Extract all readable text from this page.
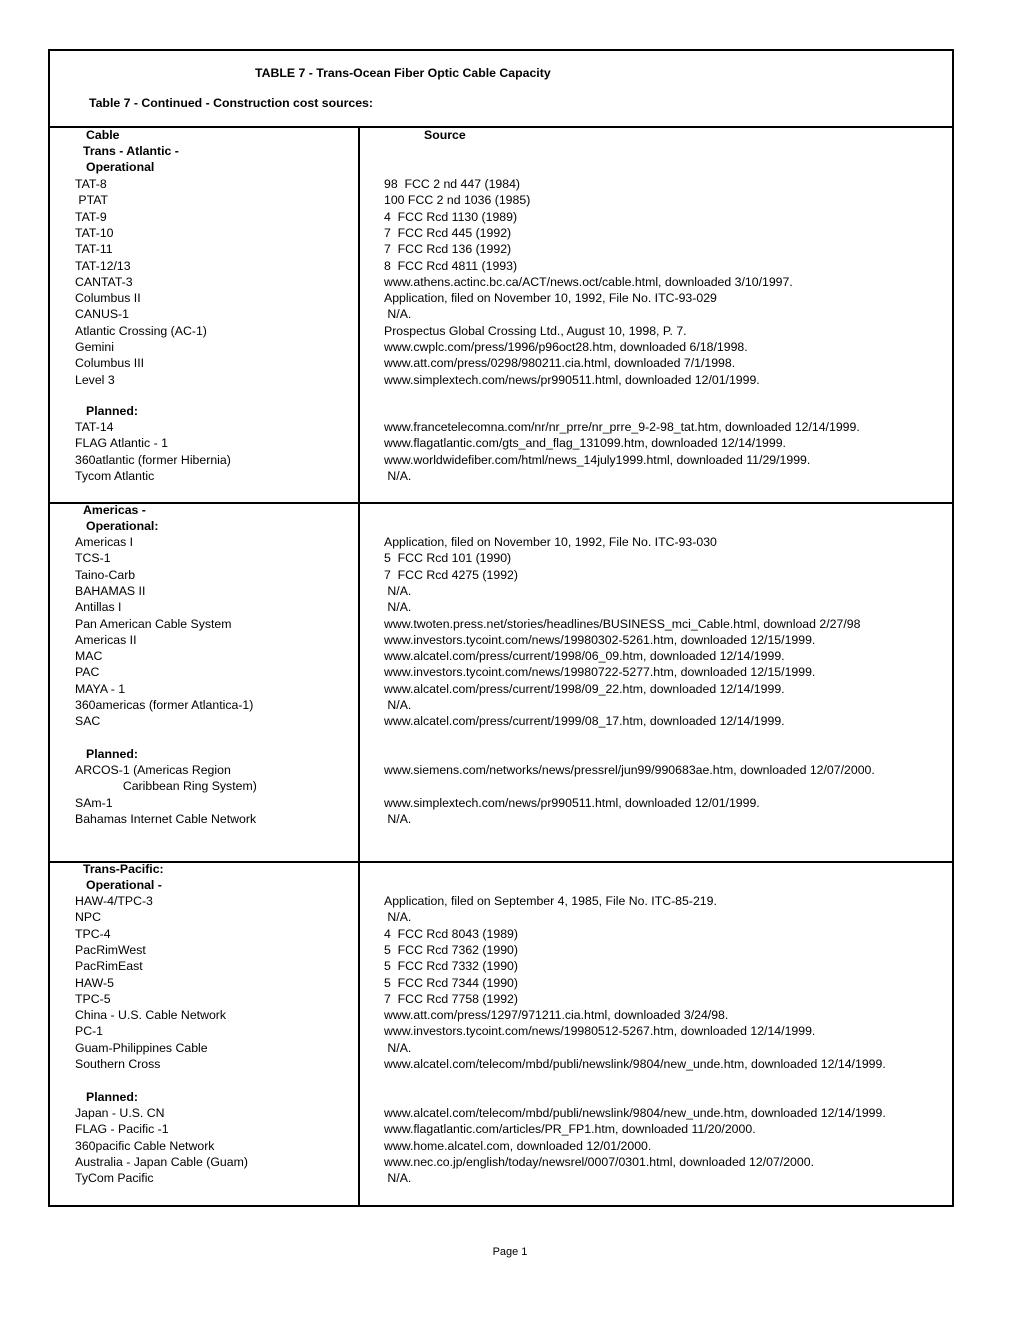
TABLE 7 - Trans-Ocean Fiber Optic Cable Capacity
Table 7 - Continued - Construction cost sources:
Cable	Source
Trans - Atlantic -
Operational
TAT-8	98  FCC 2 nd 447 (1984)
PTAT	100 FCC 2 nd 1036 (1985)
TAT-9	4  FCC Rcd 1130 (1989)
TAT-10	7  FCC Rcd 445 (1992)
TAT-11	7  FCC Rcd 136 (1992)
TAT-12/13	8  FCC Rcd 4811 (1993)
CANTAT-3	www.athens.actinc.bc.ca/ACT/news.oct/cable.html, downloaded 3/10/1997.
Columbus II	Application, filed on November 10, 1992, File No. ITC-93-029
CANUS-1	N/A.
Atlantic Crossing (AC-1)	Prospectus Global Crossing Ltd., August 10, 1998, P. 7.
Gemini	www.cwplc.com/press/1996/p96oct28.htm, downloaded 6/18/1998.
Columbus III	www.att.com/press/0298/980211.cia.html, downloaded 7/1/1998.
Level 3	www.simplextech.com/news/pr990511.html, downloaded 12/01/1999.
Planned:
TAT-14	www.francetelecomna.com/nr/nr_prre/nr_prre_9-2-98_tat.htm, downloaded 12/14/1999.
FLAG Atlantic - 1	www.flagatlantic.com/gts_and_flag_131099.htm, downloaded 12/14/1999.
360atlantic (former Hibernia)	www.worldwidefiber.com/html/news_14july1999.html, downloaded 11/29/1999.
Tycom Atlantic	N/A.
Americas -
Operational:
Americas I	Application, filed on November 10, 1992, File No. ITC-93-030
TCS-1	5  FCC Rcd 101 (1990)
Taino-Carb	7  FCC Rcd 4275 (1992)
BAHAMAS II	N/A.
Antillas I	N/A.
Pan American Cable System	www.twoten.press.net/stories/headlines/BUSINESS_mci_Cable.html, download 2/27/98
Americas II	www.investors.tycoint.com/news/19980302-5261.htm, downloaded 12/15/1999.
MAC	www.alcatel.com/press/current/1998/06_09.htm, downloaded 12/14/1999.
PAC	www.investors.tycoint.com/news/19980722-5277.htm, downloaded 12/15/1999.
MAYA - 1	www.alcatel.com/press/current/1998/09_22.htm, downloaded 12/14/1999.
360americas (former Atlantica-1)	N/A.
SAC	www.alcatel.com/press/current/1999/08_17.htm, downloaded 12/14/1999.
Planned:
ARCOS-1 (Americas Region	www.siemens.com/networks/news/pressrel/jun99/990683ae.htm, downloaded 12/07/2000.
Caribbean Ring System)
SAm-1	www.simplextech.com/news/pr990511.html, downloaded 12/01/1999.
Bahamas Internet Cable Network	N/A.
Trans-Pacific:
Operational -
HAW-4/TPC-3	Application, filed on September 4, 1985, File No. ITC-85-219.
NPC	N/A.
TPC-4	4  FCC Rcd 8043 (1989)
PacRimWest	5  FCC Rcd 7362 (1990)
PacRimEast	5  FCC Rcd 7332 (1990)
HAW-5	5  FCC Rcd 7344 (1990)
TPC-5	7  FCC Rcd 7758 (1992)
China - U.S. Cable Network	www.att.com/press/1297/971211.cia.html, downloaded 3/24/98.
PC-1	www.investors.tycoint.com/news/19980512-5267.htm, downloaded 12/14/1999.
Guam-Philippines Cable	N/A.
Southern Cross	www.alcatel.com/telecom/mbd/publi/newslink/9804/new_unde.htm, downloaded 12/14/1999.
Planned:
Japan - U.S. CN	www.alcatel.com/telecom/mbd/publi/newslink/9804/new_unde.htm, downloaded 12/14/1999.
FLAG - Pacific -1	www.flagatlantic.com/articles/PR_FP1.htm, downloaded 11/20/2000.
360pacific Cable Network	www.home.alcatel.com, downloaded 12/01/2000.
Australia - Japan Cable (Guam)	www.nec.co.jp/english/today/newsrel/0007/0301.html, downloaded 12/07/2000.
TyCom Pacific	N/A.
Page 1
